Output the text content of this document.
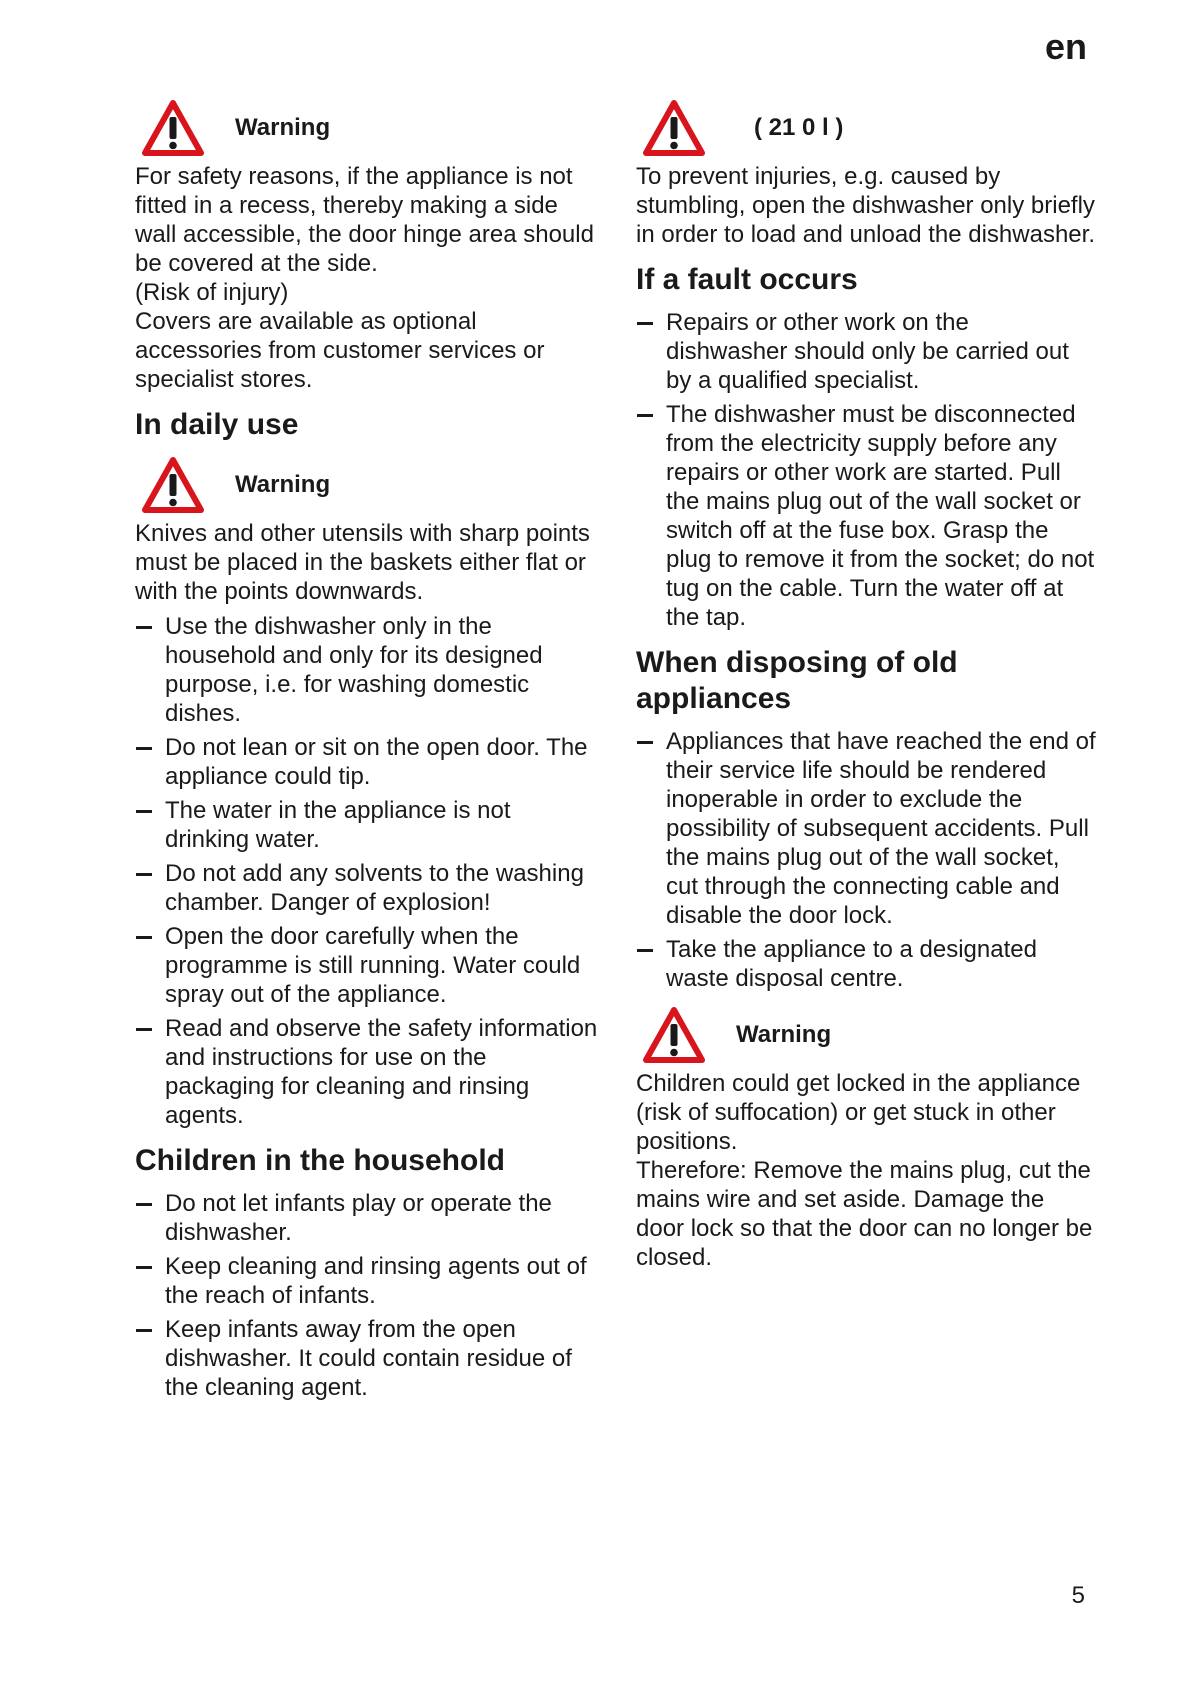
en
Warning

For safety reasons, if the appliance is not fitted in a recess, thereby making a side wall accessible, the door hinge area should be covered at the side.

(Risk of injury)

Covers are available as optional accessories from customer services or specialist stores.

In daily use
Warning

Knives and other utensils with sharp points must be placed in the baskets either flat or with the points downwards.

Use the dishwasher only in the household and only for its designed purpose, i.e. for washing domestic dishes.
Do not lean or sit on the open door. The appliance could tip.
The water in the appliance is not drinking water.
Do not add any solvents to the washing chamber. Danger of explosion!
Open the door carefully when the programme is still running. Water could spray out of the appliance.
Read and observe the safety information and instructions for use on the packaging for cleaning and rinsing agents.
Children in the household
Do not let infants play or operate the dishwasher.
Keep cleaning and rinsing agents out of the reach of infants.
Keep infants away from the open dishwasher. It could contain residue of the cleaning agent.
( 21 0 l )

To prevent injuries, e.g. caused by stumbling, open the dishwasher only briefly in order to load and unload the dishwasher.

If a fault occurs
Repairs or other work on the dishwasher should only be carried out by a qualified specialist.
The dishwasher must be disconnected from the electricity supply before any repairs or other work are started. Pull the mains plug out of the wall socket or switch off at the fuse box. Grasp the plug to remove it from the socket; do not tug on the cable. Turn the water off at the tap.
When disposing of old appliances
Appliances that have reached the end of their service life should be rendered inoperable in order to exclude the possibility of subsequent accidents. Pull the mains plug out of the wall socket, cut through the connecting cable and disable the door lock.
Take the appliance to a designated waste disposal centre.
Warning

Children could get locked in the appliance (risk of suffocation) or get stuck in other positions.

Therefore: Remove the mains plug, cut the mains wire and set aside. Damage the door lock so that the door can no longer be closed.

5
